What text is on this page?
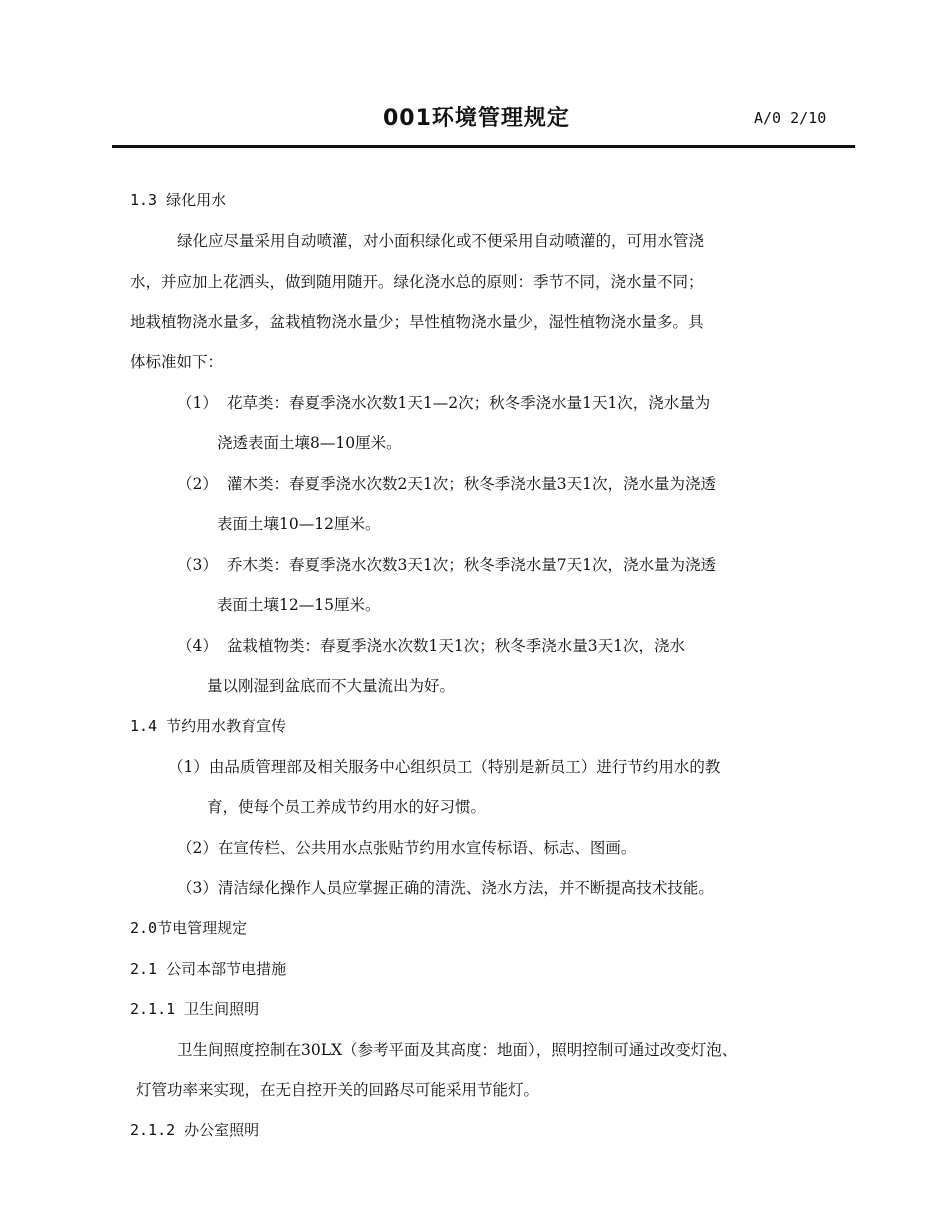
001环境管理规定	A/0 2/10
1.3 绿化用水
绿化应尽量采用自动喷灌，对小面积绿化或不便采用自动喷灌的，可用水管浇
水，并应加上花洒头，做到随用随开。绿化浇水总的原则：季节不同，浇水量不同；
地栽植物浇水量多，盆栽植物浇水量少；旱性植物浇水量少，湿性植物浇水量多。具
体标准如下：
（1） 花草类：春夏季浇水次数1天1—2次；秋冬季浇水量1天1次，浇水量为
浇透表面土壤8—10厘米。
（2） 灌木类：春夏季浇水次数2天1次；秋冬季浇水量3天1次，浇水量为浇透
表面土壤10—12厘米。
（3） 乔木类：春夏季浇水次数3天1次；秋冬季浇水量7天1次，浇水量为浇透
表面土壤12—15厘米。
（4） 盆栽植物类：春夏季浇水次数1天1次；秋冬季浇水量3天1次，浇水
量以刚湿到盆底而不大量流出为好。
1.4 节约用水教育宣传
（1）由品质管理部及相关服务中心组织员工（特别是新员工）进行节约用水的教
育，使每个员工养成节约用水的好习惯。
（2）在宣传栏、公共用水点张贴节约用水宣传标语、标志、图画。
（3）清洁绿化操作人员应掌握正确的清洗、浇水方法，并不断提高技术技能。
2.0节电管理规定
2.1 公司本部节电措施
2.1.1 卫生间照明
卫生间照度控制在30LX（参考平面及其高度：地面），照明控制可通过改变灯泡、
灯管功率来实现，在无自控开关的回路尽可能采用节能灯。
2.1.2 办公室照明
